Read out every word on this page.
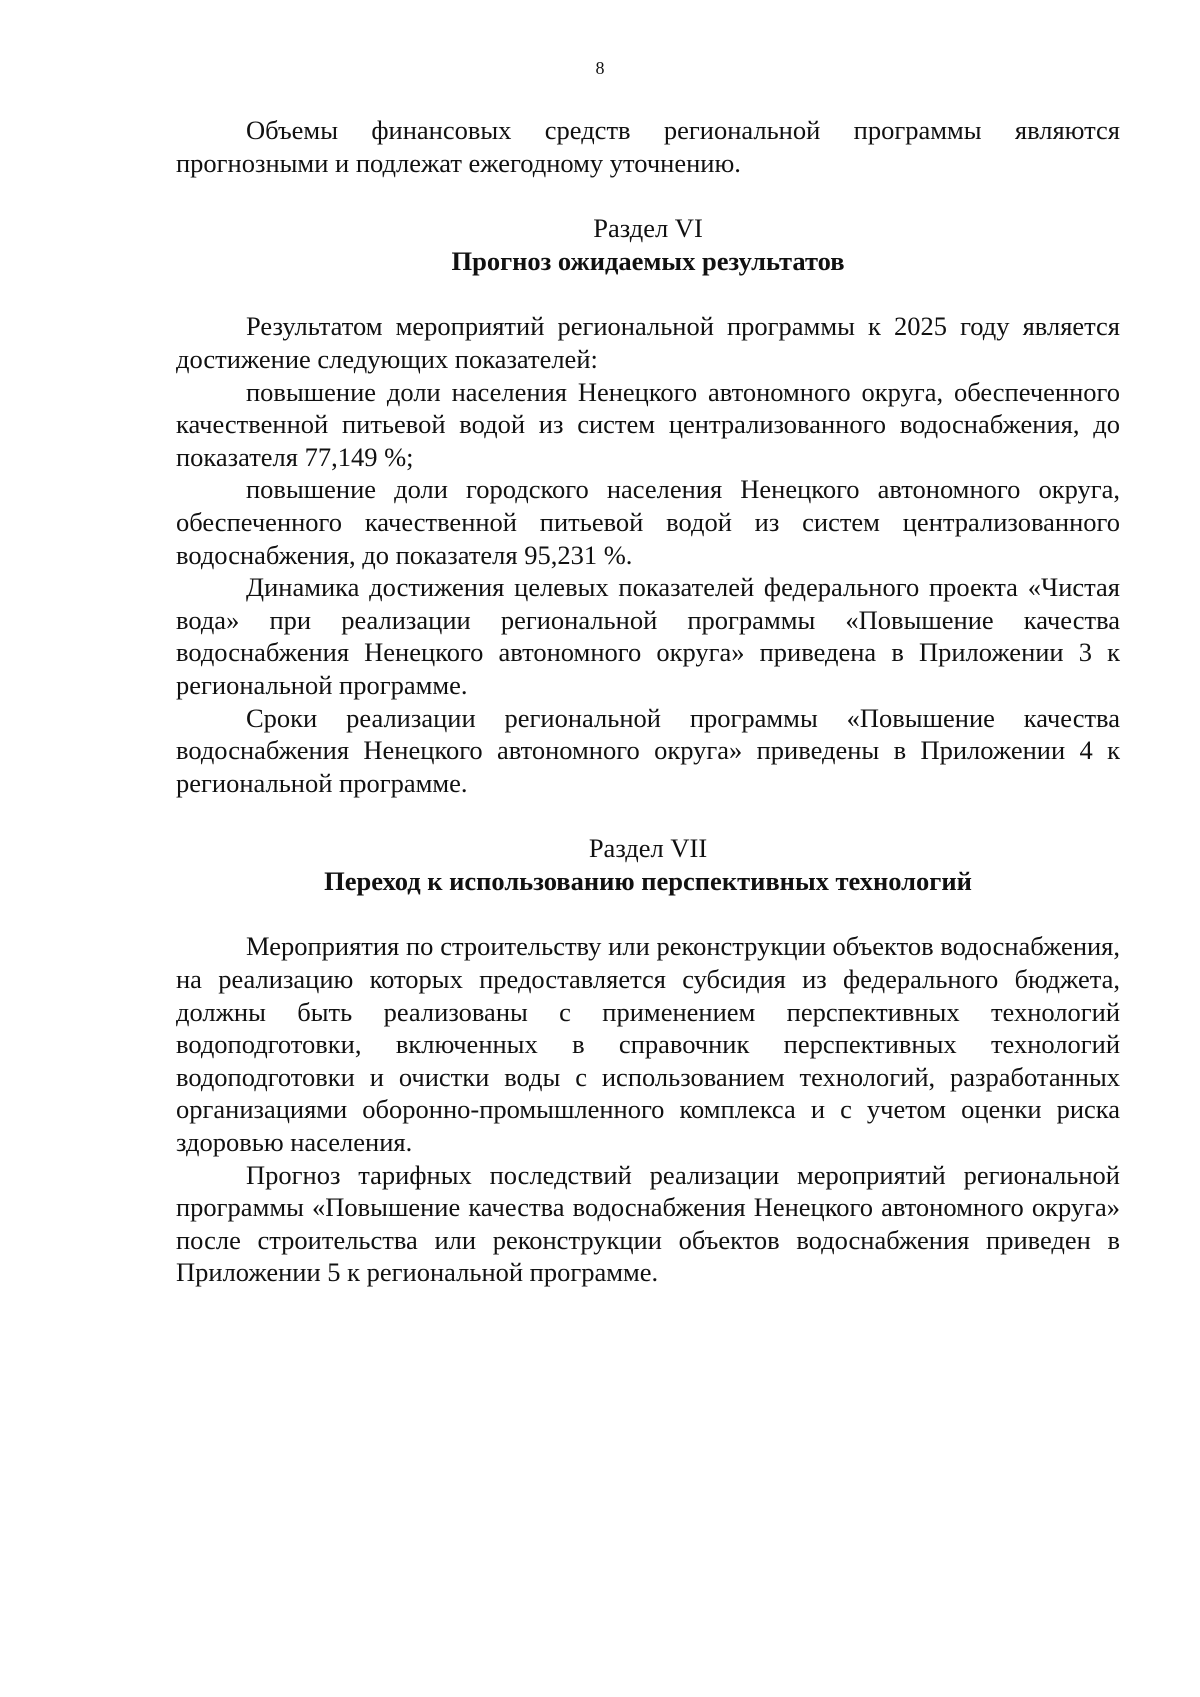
8

Объемы финансовых средств региональной программы являются прогнозными и подлежат ежегодному уточнению.

Раздел VI

Прогноз ожидаемых результатов

Результатом мероприятий региональной программы к 2025 году является достижение следующих показателей:

повышение доли населения Ненецкого автономного округа, обеспеченного качественной питьевой водой из систем централизованного водоснабжения, до показателя 77,149 %;

повышение доли городского населения Ненецкого автономного округа, обеспеченного качественной питьевой водой из систем централизованного водоснабжения, до показателя 95,231 %.

Динамика достижения целевых показателей федерального проекта «Чистая вода» при реализации региональной программы «Повышение качества водоснабжения Ненецкого автономного округа» приведена в Приложении 3 к региональной программе.

Сроки реализации региональной программы «Повышение качества водоснабжения Ненецкого автономного округа» приведены в Приложении 4 к региональной программе.

Раздел VII

Переход к использованию перспективных технологий

Мероприятия по строительству или реконструкции объектов водоснабжения, на реализацию которых предоставляется субсидия из федерального бюджета, должны быть реализованы с применением перспективных технологий водоподготовки, включенных в справочник перспективных технологий водоподготовки и очистки воды с использованием технологий, разработанных организациями оборонно-промышленного комплекса и с учетом оценки риска здоровью населения.

Прогноз тарифных последствий реализации мероприятий региональной программы «Повышение качества водоснабжения Ненецкого автономного округа» после строительства или реконструкции объектов водоснабжения приведен в Приложении 5 к региональной программе.
